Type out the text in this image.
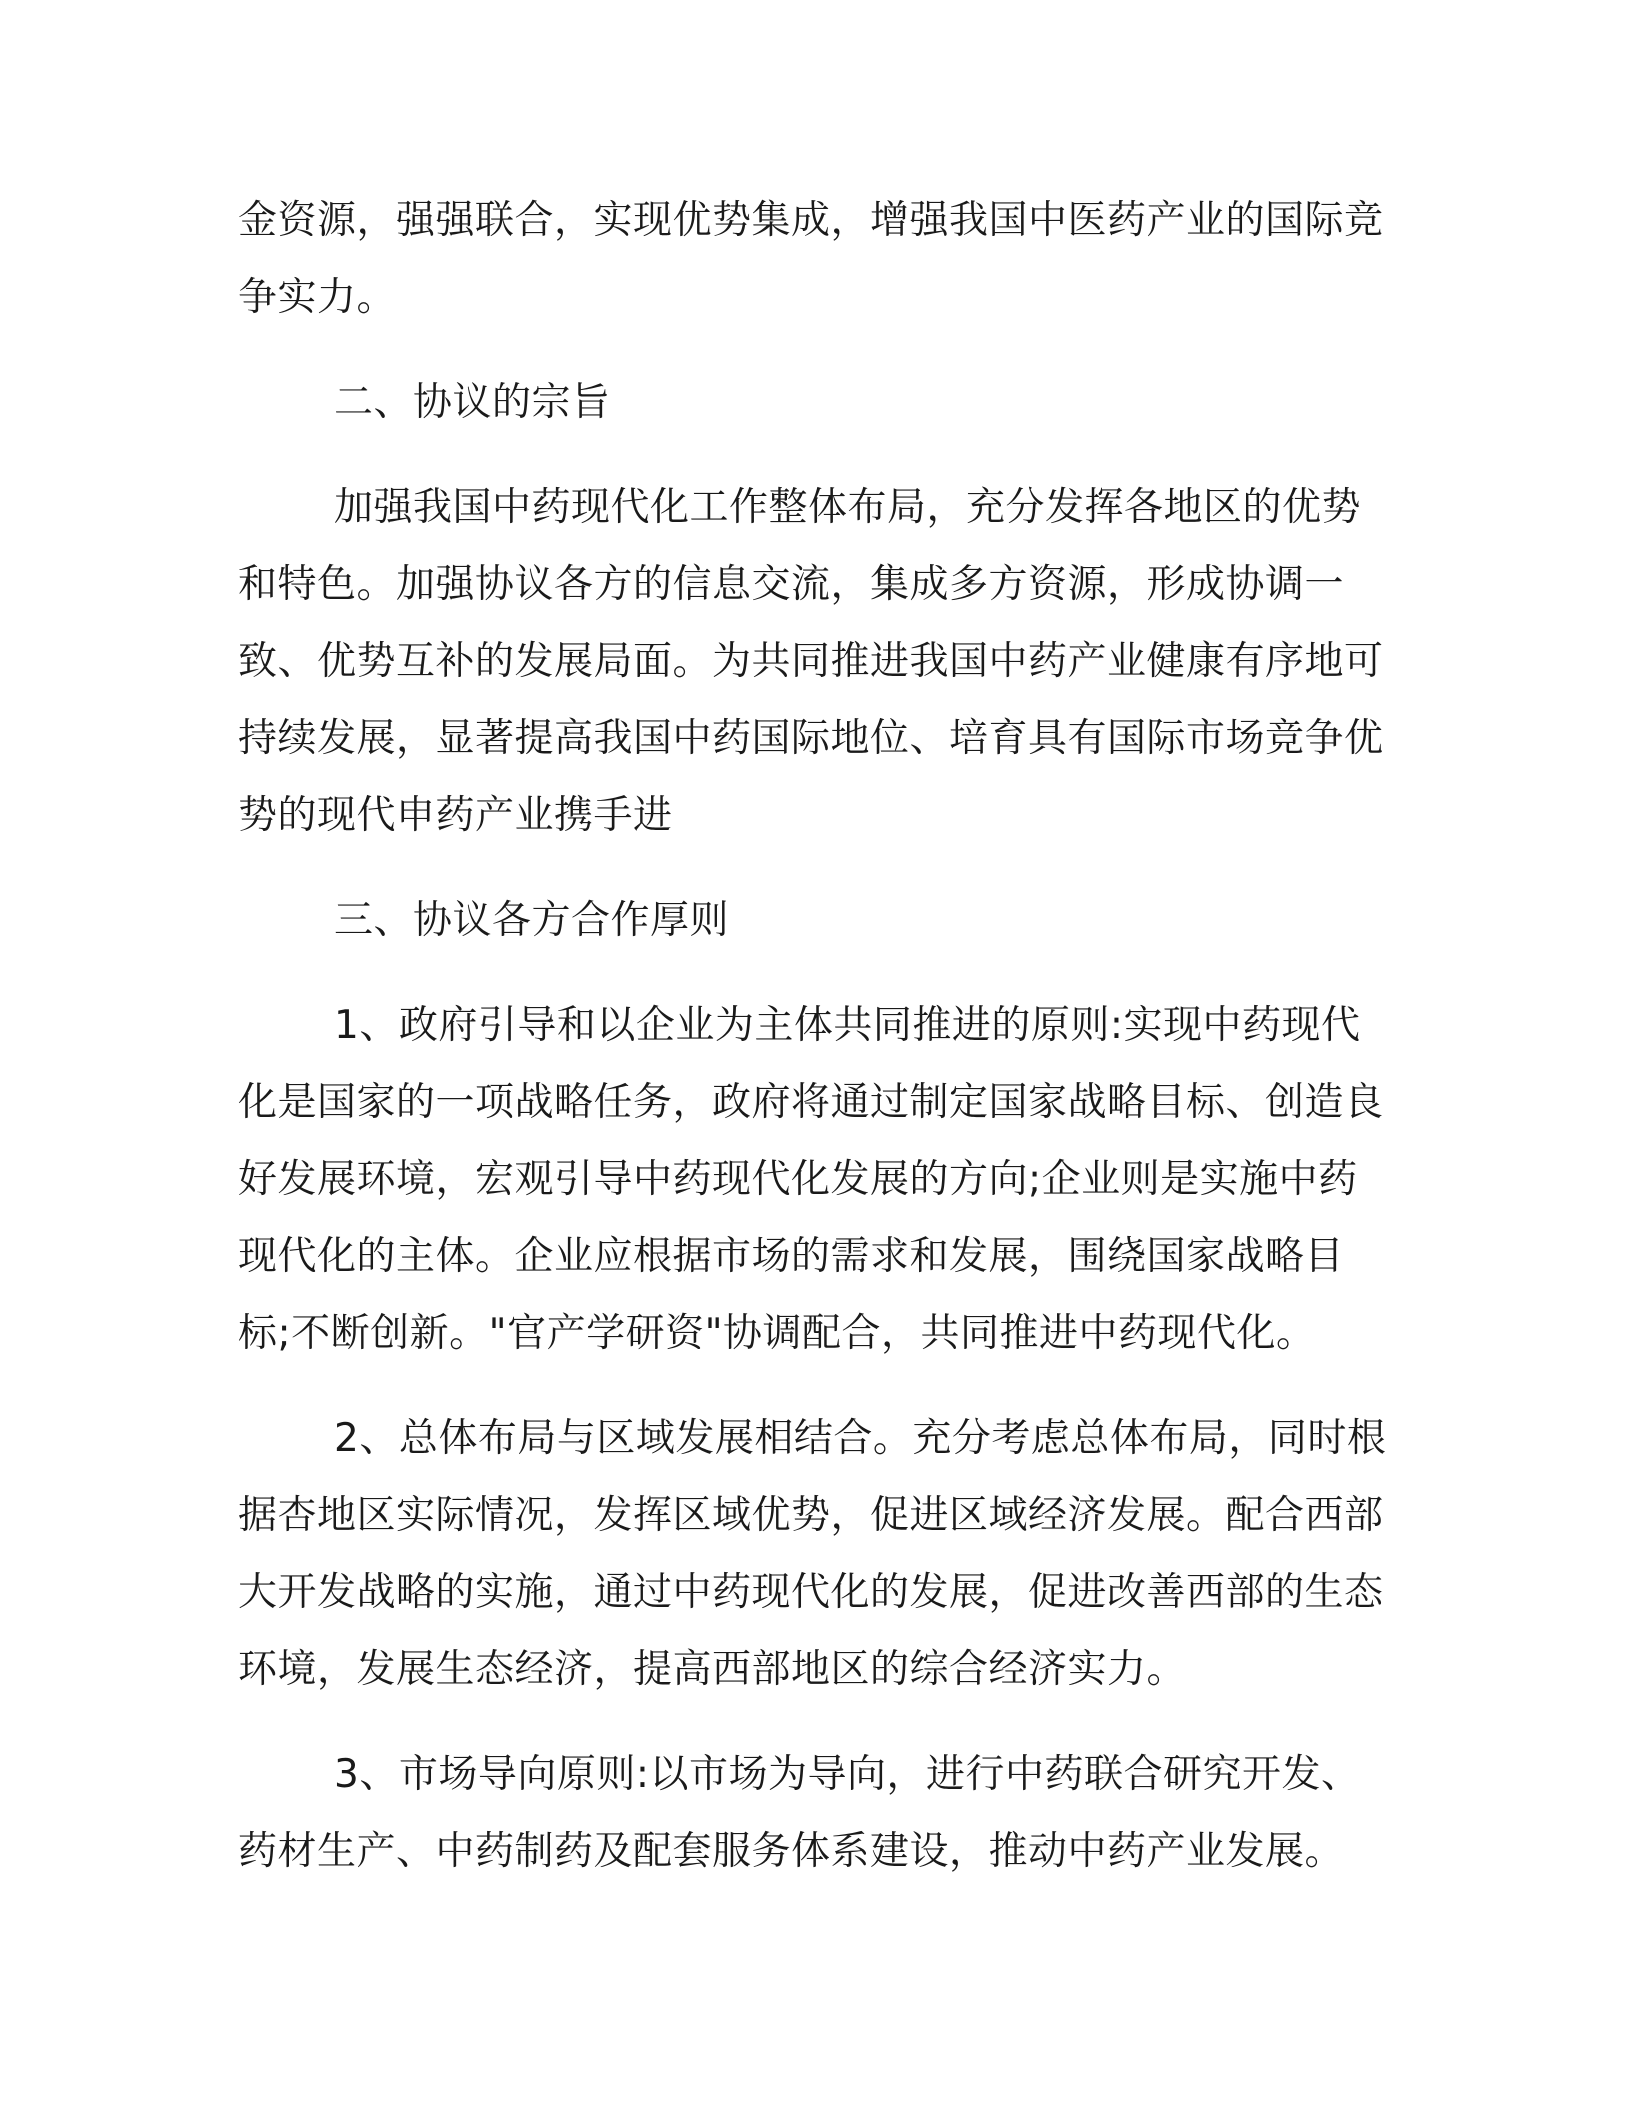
金资源，强强联合，实现优势集成，增强我国中医药产业的国际竞争实力。

二、协议的宗旨

加强我国中药现代化工作整体布局，充分发挥各地区的优势和特色。加强协议各方的信息交流，集成多方资源，形成协调一致、优势互补的发展局面。为共同推进我国中药产业健康有序地可持续发展，显著提高我国中药国际地位、培育具有国际市场竞争优势的现代申药产业携手进

三、协议各方合作厚则

1、政府引导和以企业为主体共同推进的原则:实现中药现代化是国家的一项战略任务，政府将通过制定国家战略目标、创造良好发展环境，宏观引导中药现代化发展的方向;企业则是实施中药现代化的主体。企业应根据市场的需求和发展，围绕国家战略目标;不断创新。"官产学研资"协调配合，共同推进中药现代化。

2、总体布局与区域发展相结合。充分考虑总体布局，同时根据杏地区实际情况，发挥区域优势，促进区域经济发展。配合西部大开发战略的实施，通过中药现代化的发展，促进改善西部的生态环境，发展生态经济，提高西部地区的综合经济实力。

3、市场导向原则:以市场为导向，进行中药联合研究开发、药材生产、中药制药及配套服务体系建设，推动中药产业发展。
